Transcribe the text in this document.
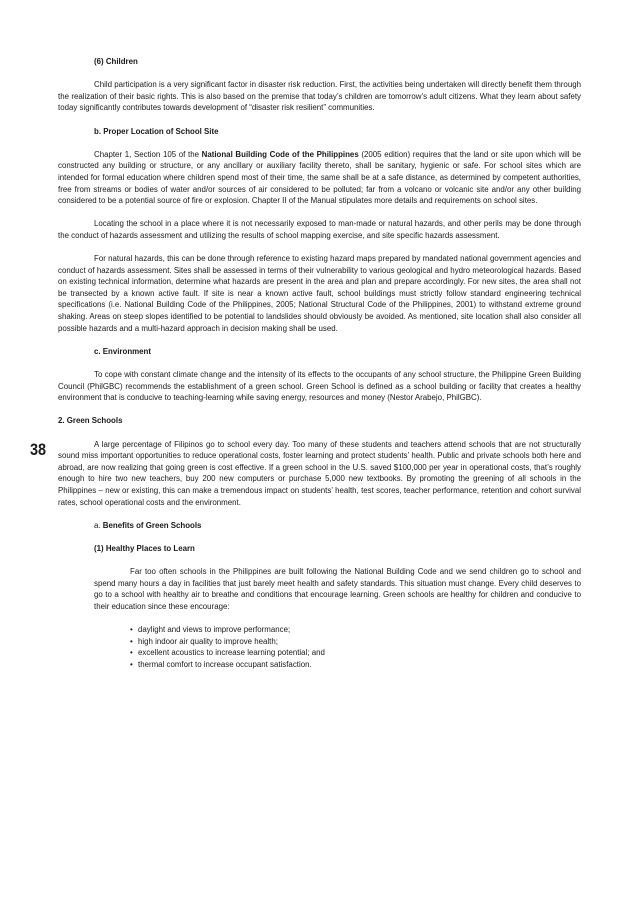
38

(6) Children

Child participation is a very significant factor in disaster risk reduction. First, the activities being undertaken will directly benefit them through the realization of their basic rights. This is also based on the premise that today’s children are tomorrow’s adult citizens. What they learn about safety today significantly contributes towards development of “disaster risk resilient” communities.

b. Proper Location of School Site

Chapter 1, Section 105 of the National Building Code of the Philippines (2005 edition) requires that the land or site upon which will be constructed any building or structure, or any ancillary or auxiliary facility thereto, shall be sanitary, hygienic or safe. For school sites which are intended for formal education where children spend most of their time, the same shall be at a safe distance, as determined by competent authorities, free from streams or bodies of water and/or sources of air considered to be polluted; far from a volcano or volcanic site and/or any other building considered to be a potential source of fire or explosion. Chapter II of the Manual stipulates more details and requirements on school sites.

Locating the school in a place where it is not necessarily exposed to man-made or natural hazards, and other perils may be done through the conduct of hazards assessment and utilizing the results of school mapping exercise, and site specific hazards assessment.

For natural hazards, this can be done through reference to existing hazard maps prepared by mandated national government agencies and conduct of hazards assessment. Sites shall be assessed in terms of their vulnerability to various geological and hydro meteorological hazards. Based on existing technical information, determine what hazards are present in the area and plan and prepare accordingly. For new sites, the area shall not be transected by a known active fault. If site is near a known active fault, school buildings must strictly follow standard engineering technical specifications (i.e. National Building Code of the Philippines, 2005; National Structural Code of the Philippines, 2001) to withstand extreme ground shaking. Areas on steep slopes identified to be potential to landslides should obviously be avoided. As mentioned, site location shall also consider all possible hazards and a multi-hazard approach in decision making shall be used.

c. Environment

To cope with constant climate change and the intensity of its effects to the occupants of any school structure, the Philippine Green Building Council (PhilGBC) recommends the establishment of a green school. Green School is defined as a school building or facility that creates a healthy environment that is conducive to teaching-learning while saving energy, resources and money (Nestor Arabejo, PhilGBC).

2. Green Schools

A large percentage of Filipinos go to school every day. Too many of these students and teachers attend schools that are not structurally sound miss important opportunities to reduce operational costs, foster learning and protect students’ health. Public and private schools both here and abroad, are now realizing that going green is cost effective. If a green school in the U.S. saved $100,000 per year in operational costs, that’s roughly enough to hire two new teachers, buy 200 new computers or purchase 5,000 new textbooks. By promoting the greening of all schools in the Philippines – new or existing, this can make a tremendous impact on students’ health, test scores, teacher performance, retention and cohort survival rates, school operational costs and the environment.

a. Benefits of Green Schools

(1) Healthy Places to Learn

Far too often schools in the Philippines are built following the National Building Code and we send children go to school and spend many hours a day in facilities that just barely meet health and safety standards. This situation must change. Every child deserves to go to a school with healthy air to breathe and conditions that encourage learning. Green schools are healthy for children and conducive to their education since these encourage:

• daylight and views to improve performance;
• high indoor air quality to improve health;
• excellent acoustics to increase learning potential; and
• thermal comfort to increase occupant satisfaction.
